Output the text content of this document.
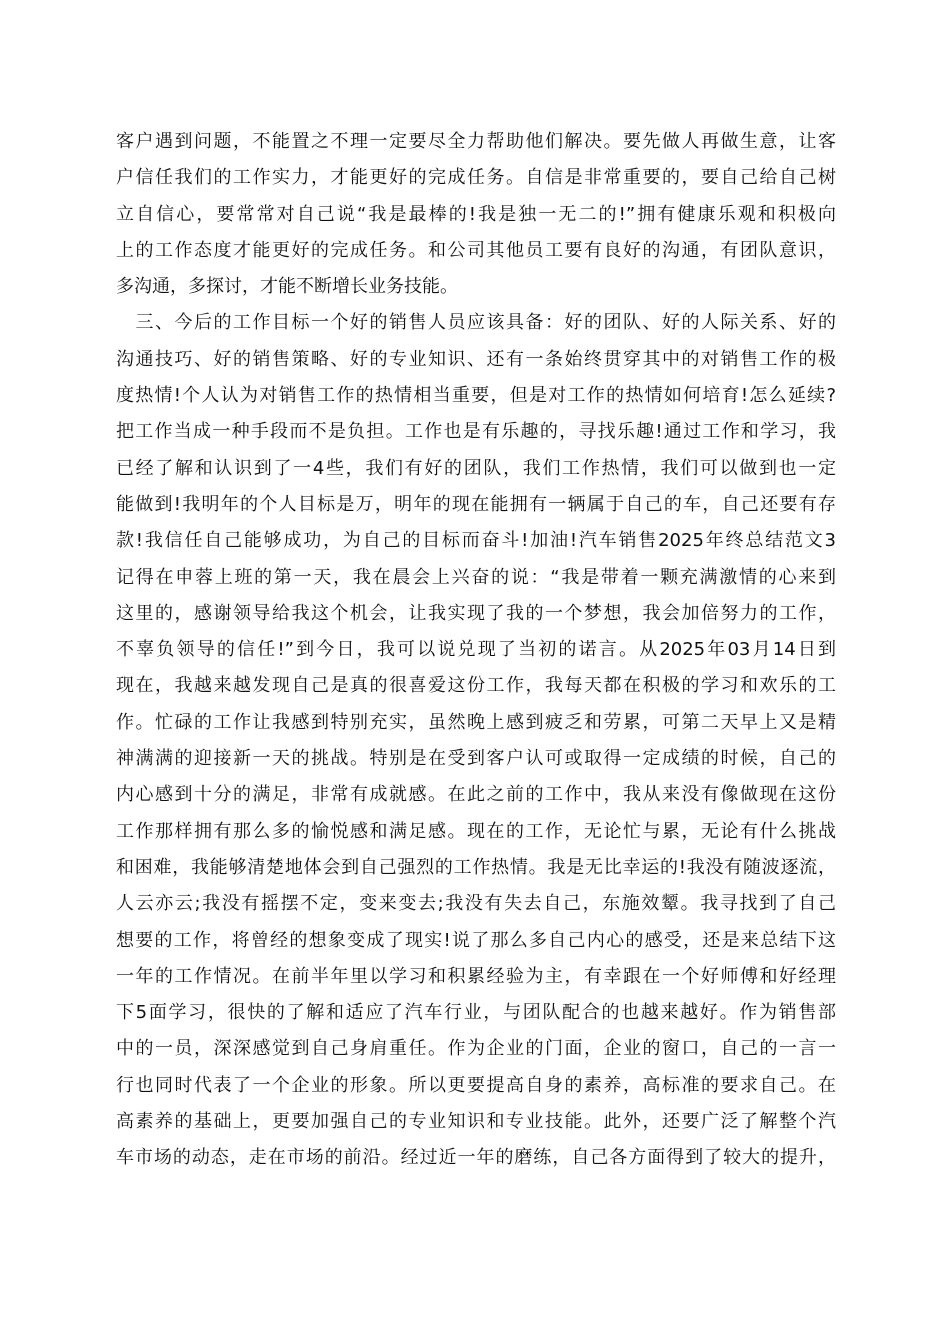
客户遇到问题，不能置之不理一定要尽全力帮助他们解决。要先做人再做生意，让客
户信任我们的工作实力，才能更好的完成任务。自信是非常重要的，要自己给自己树
立自信心，要常常对自己说“我是最棒的!我是独一无二的!”拥有健康乐观和积极向
上的工作态度才能更好的完成任务。和公司其他员工要有良好的沟通，有团队意识，
多沟通，多探讨，才能不断增长业务技能。
　三、今后的工作目标一个好的销售人员应该具备：好的团队、好的人际关系、好的
沟通技巧、好的销售策略、好的专业知识、还有一条始终贯穿其中的对销售工作的极
度热情!个人认为对销售工作的热情相当重要，但是对工作的热情如何培育!怎么延续?
把工作当成一种手段而不是负担。工作也是有乐趣的，寻找乐趣!通过工作和学习，我
已经了解和认识到了一4些，我们有好的团队，我们工作热情，我们可以做到也一定
能做到!我明年的个人目标是万，明年的现在能拥有一辆属于自己的车，自己还要有存
款!我信任自己能够成功，为自己的目标而奋斗!加油!汽车销售2025年终总结范文3
记得在申蓉上班的第一天，我在晨会上兴奋的说：“我是带着一颗充满激情的心来到
这里的，感谢领导给我这个机会，让我实现了我的一个梦想，我会加倍努力的工作，
不辜负领导的信任!”到今日，我可以说兑现了当初的诺言。从2025年03月14日到
现在，我越来越发现自己是真的很喜爱这份工作，我每天都在积极的学习和欢乐的工
作。忙碌的工作让我感到特别充实，虽然晚上感到疲乏和劳累，可第二天早上又是精
神满满的迎接新一天的挑战。特别是在受到客户认可或取得一定成绩的时候，自己的
内心感到十分的满足，非常有成就感。在此之前的工作中，我从来没有像做现在这份
工作那样拥有那么多的愉悦感和满足感。现在的工作，无论忙与累，无论有什么挑战
和困难，我能够清楚地体会到自己强烈的工作热情。我是无比幸运的!我没有随波逐流，
人云亦云;我没有摇摆不定，变来变去;我没有失去自己，东施效颦。我寻找到了自己
想要的工作，将曾经的想象变成了现实!说了那么多自己内心的感受，还是来总结下这
一年的工作情况。在前半年里以学习和积累经验为主，有幸跟在一个好师傅和好经理
下5面学习，很快的了解和适应了汽车行业，与团队配合的也越来越好。作为销售部
中的一员，深深感觉到自己身肩重任。作为企业的门面，企业的窗口，自己的一言一
行也同时代表了一个企业的形象。所以更要提高自身的素养，高标准的要求自己。在
高素养的基础上，更要加强自己的专业知识和专业技能。此外，还要广泛了解整个汽
车市场的动态，走在市场的前沿。经过近一年的磨练，自己各方面得到了较大的提升，
